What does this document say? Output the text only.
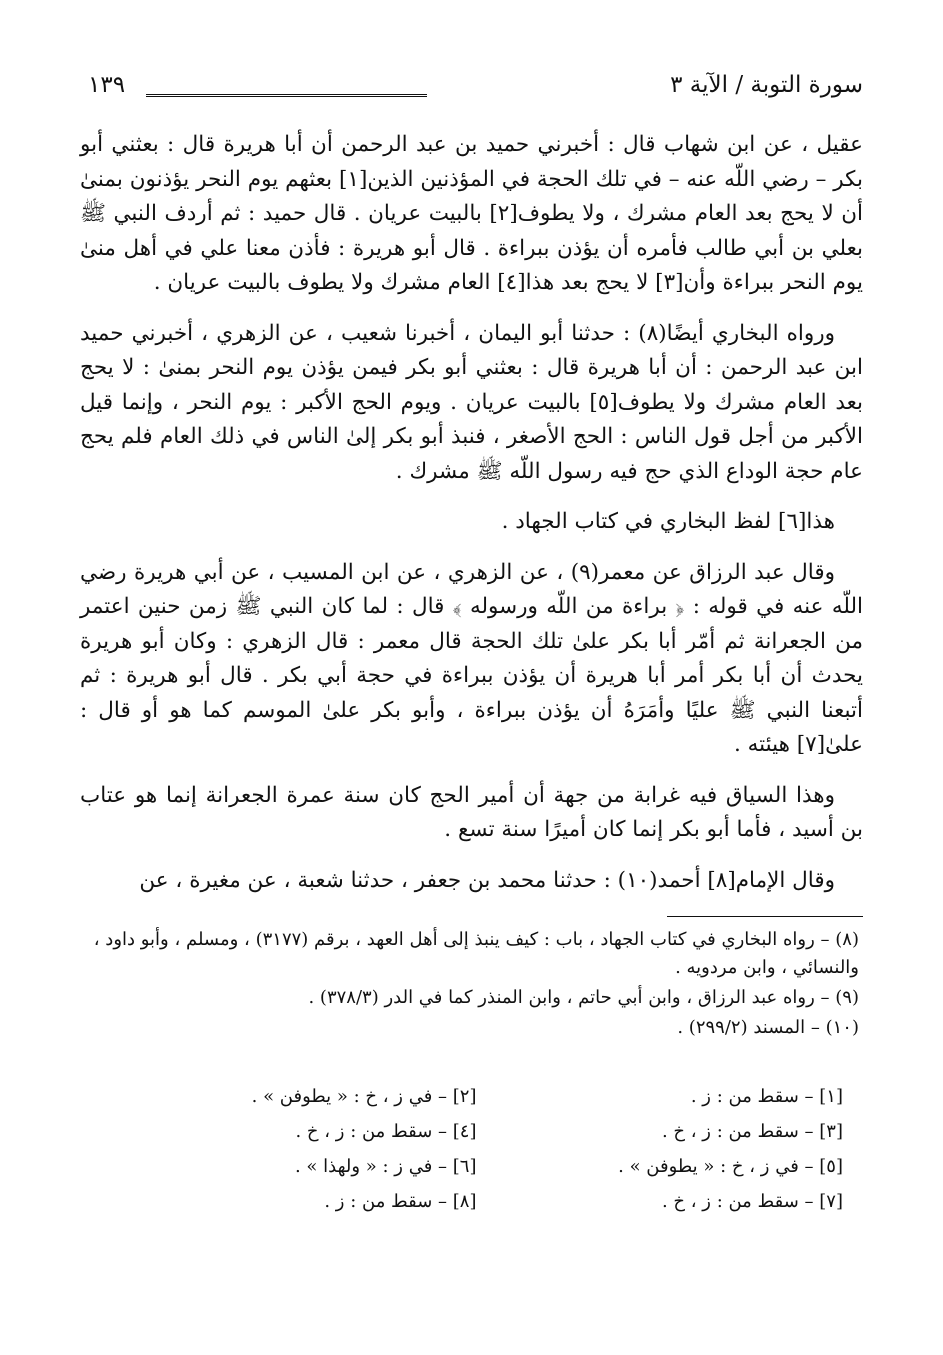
سورة التوبة / الآية ٣
١٣٩

عقيل ، عن ابن شهاب قال : أخبرني حميد بن عبد الرحمن أن أبا هريرة قال : بعثني أبو بكر – رضي اللّه عنه – في تلك الحجة في المؤذنين الذين[١] بعثهم يوم النحر يؤذنون بمنىٰ أن لا يحج بعد العام مشرك ، ولا يطوف[٢] بالبيت عريان . قال حميد : ثم أردف النبي ﷺ بعلي بن أبي طالب فأمره أن يؤذن ببراءة . قال أبو هريرة : فأذن معنا علي في أهل منىٰ يوم النحر ببراءة وأن[٣] لا يحج بعد هذا[٤] العام مشرك ولا يطوف بالبيت عريان .

ورواه البخاري أيضًا(٨) : حدثنا أبو اليمان ، أخبرنا شعيب ، عن الزهري ، أخبرني حميد ابن عبد الرحمن : أن أبا هريرة قال : بعثني أبو بكر فيمن يؤذن يوم النحر بمنىٰ : لا يحج بعد العام مشرك ولا يطوف[٥] بالبيت عريان . ويوم الحج الأكبر : يوم النحر ، وإنما قيل الأكبر من أجل قول الناس : الحج الأصغر ، فنبذ أبو بكر إلىٰ الناس في ذلك العام فلم يحج عام حجة الوداع الذي حج فيه رسول اللّه ﷺ مشرك .

هذا[٦] لفظ البخاري في كتاب الجهاد .

وقال عبد الرزاق عن معمر(٩) ، عن الزهري ، عن ابن المسيب ، عن أبي هريرة رضي اللّه عنه في قوله : ﴿ براءة من اللّه ورسوله ﴾ قال : لما كان النبي ﷺ زمن حنين اعتمر من الجعرانة ثم أمّر أبا بكر علىٰ تلك الحجة قال معمر : قال الزهري : وكان أبو هريرة يحدث أن أبا بكر أمر أبا هريرة أن يؤذن ببراءة في حجة أبي بكر . قال أبو هريرة : ثم أتبعنا النبي ﷺ عليًا وأمَرَهُ أن يؤذن ببراءة ، وأبو بكر علىٰ الموسم كما هو أو قال : علىٰ[٧] هيئته .

وهذا السياق فيه غرابة من جهة أن أمير الحج كان سنة عمرة الجعرانة إنما هو عتاب بن أسيد ، فأما أبو بكر إنما كان أميرًا سنة تسع .

وقال الإمام[٨] أحمد(١٠) : حدثنا محمد بن جعفر ، حدثنا شعبة ، عن مغيرة ، عن

(٨) – رواه البخاري في كتاب الجهاد ، باب : كيف ينبذ إلى أهل العهد ، برقم (٣١٧٧) ، ومسلم ، وأبو داود ، والنسائي ، وابن مردويه .

(٩) – رواه عبد الرزاق ، وابن أبي حاتم ، وابن المنذر كما في الدر (٣٧٨/٣) .

(١٠) – المسند (٢٩٩/٢) .

[١] – سقط من : ز .
[٢] – في ز ، خ : « يطوفن » .
[٣] – سقط من : ز ، خ .
[٤] – سقط من : ز ، خ .
[٥] – في ز ، خ : « يطوفن » .
[٦] – في ز : « ولهذا » .
[٧] – سقط من : ز ، خ .
[٨] – سقط من : ز .
